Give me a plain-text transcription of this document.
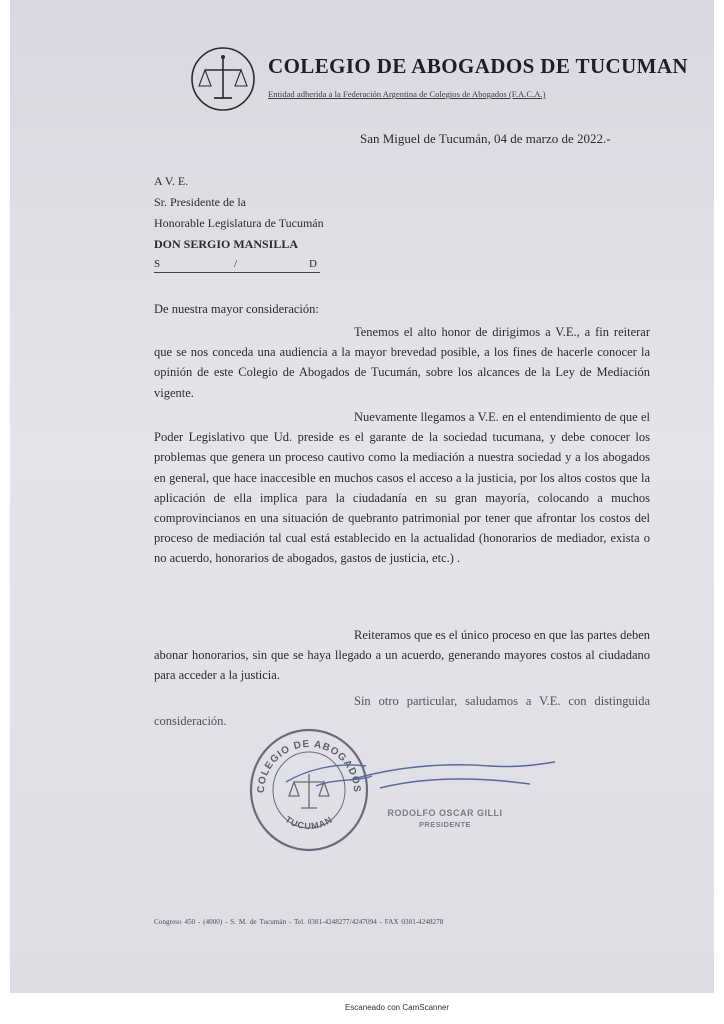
COLEGIO DE ABOGADOS DE TUCUMAN
Entidad adherida a la Federación Argentina de Colegios de Abogados (F.A.C.A.)
San Miguel de Tucumán, 04 de marzo de 2022.-
A V. E.
Sr. Presidente de la
Honorable Legislatura de Tucumán
DON SERGIO MANSILLA
S	/	D
De nuestra mayor consideración:

Tenemos el alto honor de dirigimos a V.E., a fin reiterar que se nos conceda una audiencia a la mayor brevedad posible, a los fines de hacerle conocer la opinión de este Colegio de Abogados de Tucumán, sobre los alcances de la Ley de Mediación vigente.

Nuevamente llegamos a V.E. en el entendimiento de que el Poder Legislativo que Ud. preside es el garante de la sociedad tucumana, y debe conocer los problemas que genera un proceso cautivo como la mediación a nuestra sociedad y a los abogados en general, que hace inaccesible en muchos casos el acceso a la justicia, por los altos costos que la aplicación de ella implica para la ciudadanía en su gran mayoría, colocando a muchos comprovincianos en una situación de quebranto patrimonial por tener que afrontar los costos del proceso de mediación tal cual está establecido en la actualidad (honorarios de mediador, exista o no acuerdo, honorarios de abogados, gastos de justicia, etc.) .

Reiteramos que es el único proceso en que las partes deben abonar honorarios, sin que se haya llegado a un acuerdo, generando mayores costos al ciudadano para acceder a la justicia.

Sin otro particular, saludamos a V.E. con distinguida consideración.

COLEGIO DE ABOGADOS
TUCUMAN
RODOLFO OSCAR GILLI
PRESIDENTE
Congreso 450 - (4000) - S. M. de Tucumán - Tel. 0381-4248277/4247094 - FAX 0381-4248278
Escaneado con CamScanner
